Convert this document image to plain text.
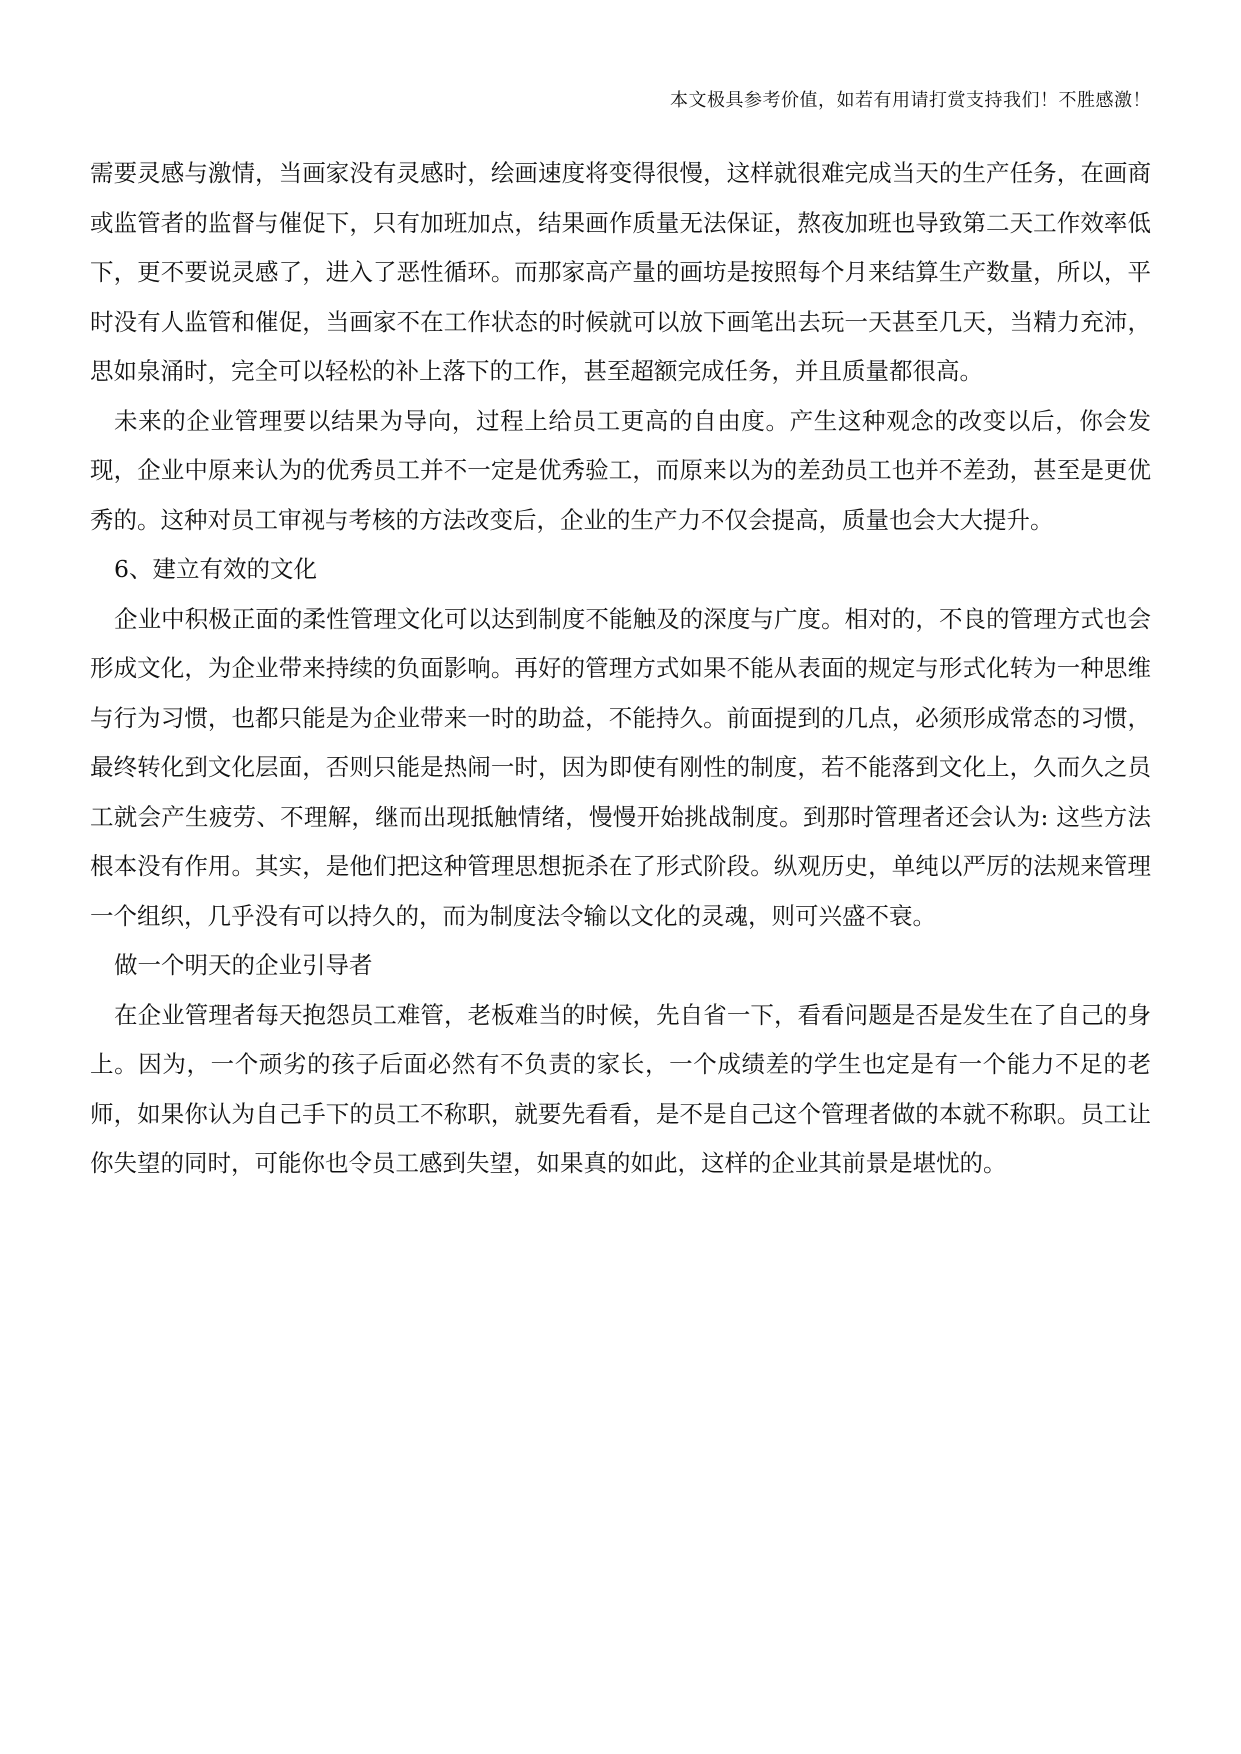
本文极具参考价值，如若有用请打赏支持我们！不胜感激！

需要灵感与激情，当画家没有灵感时，绘画速度将变得很慢，这样就很难完成当天的生产任务，在画商或监管者的监督与催促下，只有加班加点，结果画作质量无法保证，熬夜加班也导致第二天工作效率低下，更不要说灵感了，进入了恶性循环。而那家高产量的画坊是按照每个月来结算生产数量，所以，平时没有人监管和催促，当画家不在工作状态的时候就可以放下画笔出去玩一天甚至几天，当精力充沛，思如泉涌时，完全可以轻松的补上落下的工作，甚至超额完成任务，并且质量都很高。

未来的企业管理要以结果为导向，过程上给员工更高的自由度。产生这种观念的改变以后，你会发现，企业中原来认为的优秀员工并不一定是优秀验工，而原来以为的差劲员工也并不差劲，甚至是更优秀的。这种对员工审视与考核的方法改变后，企业的生产力不仅会提高，质量也会大大提升。

6、建立有效的文化

企业中积极正面的柔性管理文化可以达到制度不能触及的深度与广度。相对的，不良的管理方式也会形成文化，为企业带来持续的负面影响。再好的管理方式如果不能从表面的规定与形式化转为一种思维与行为习惯，也都只能是为企业带来一时的助益，不能持久。前面提到的几点，必须形成常态的习惯，最终转化到文化层面，否则只能是热闹一时，因为即使有刚性的制度，若不能落到文化上，久而久之员工就会产生疲劳、不理解，继而出现抵触情绪，慢慢开始挑战制度。到那时管理者还会认为: 这些方法根本没有作用。其实，是他们把这种管理思想扼杀在了形式阶段。纵观历史，单纯以严厉的法规来管理一个组织，几乎没有可以持久的，而为制度法令输以文化的灵魂，则可兴盛不衰。

做一个明天的企业引导者

在企业管理者每天抱怨员工难管，老板难当的时候，先自省一下，看看问题是否是发生在了自己的身上。因为，一个顽劣的孩子后面必然有不负责的家长，一个成绩差的学生也定是有一个能力不足的老师，如果你认为自己手下的员工不称职，就要先看看，是不是自己这个管理者做的本就不称职。员工让你失望的同时，可能你也令员工感到失望，如果真的如此，这样的企业其前景是堪忧的。
